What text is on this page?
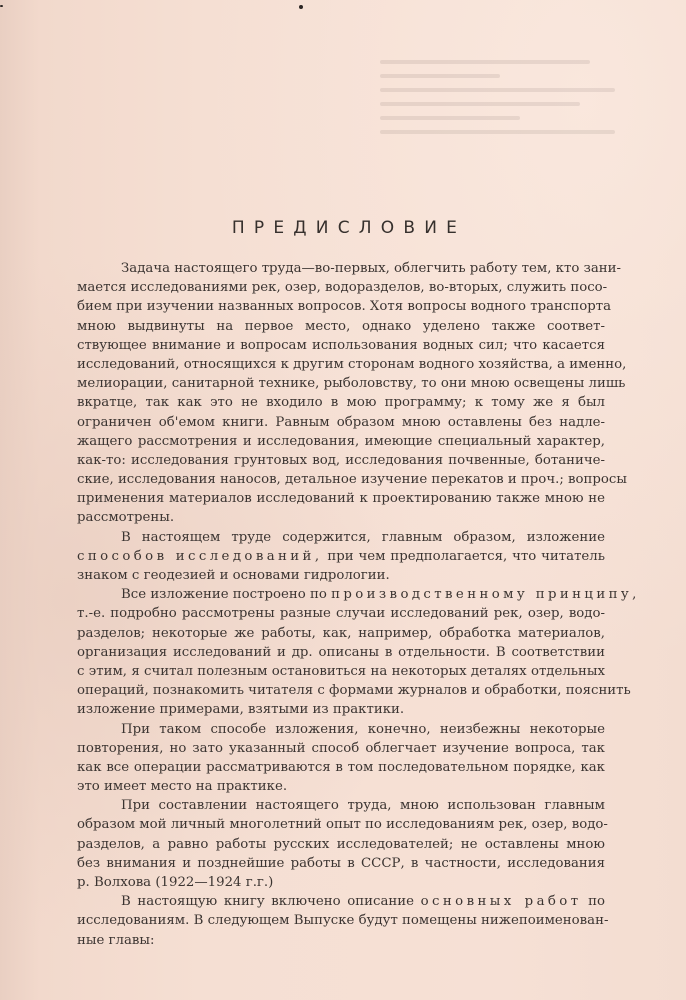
ПРЕДИСЛОВИЕ
Задача настоящего труда—во-первых, облегчить работу тем, кто зани-
мается исследованиями рек, озер, водоразделов, во-вторых, служить посо-
бием при изучении названных вопросов. Хотя вопросы водного транспорта
мною выдвинуты на первое место, однако уделено также соответ-
ствующее внимание и вопросам использования водных сил; что касается
исследований, относящихся к другим сторонам водного хозяйства, а именно,
мелиорации, санитарной технике, рыболовству, то они мною освещены лишь
вкратце, так как это не входило в мою программу; к тому же я был
ограничен об'емом книги. Равным образом мною оставлены без надле-
жащего рассмотрения и исследования, имеющие специальный характер,
как-то: исследования грунтовых вод, исследования почвенные, ботаниче-
ские, исследования наносов, детальное изучение перекатов и проч.; вопросы
применения материалов исследований к проектированию также мною не
рассмотрены.
В настоящем труде содержится, главным образом, изложение
способов исследований, при чем предполагается, что читатель
знаком с геодезией и основами гидрологии.
Все изложение построено по производственному принципу,
т.-е. подробно рассмотрены разные случаи исследований рек, озер, водо-
разделов; некоторые же работы, как, например, обработка материалов,
организация исследований и др. описаны в отдельности. В соответствии
с этим, я считал полезным остановиться на некоторых деталях отдельных
операций, познакомить читателя с формами журналов и обработки, пояснить
изложение примерами, взятыми из практики.
При таком способе изложения, конечно, неизбежны некоторые
повторения, но зато указанный способ облегчает изучение вопроса, так
как все операции рассматриваются в том последовательном порядке, как
это имеет место на практике.
При составлении настоящего труда, мною использован главным
образом мой личный многолетний опыт по исследованиям рек, озер, водо-
разделов, а равно работы русских исследователей; не оставлены мною
без внимания и позднейшие работы в СССР, в частности, исследования
р. Волхова (1922—1924 г.г.)
В настоящую книгу включено описание основных работ по
исследованиям. В следующем Выпуске будут помещены нижепоименован-
ные главы:
